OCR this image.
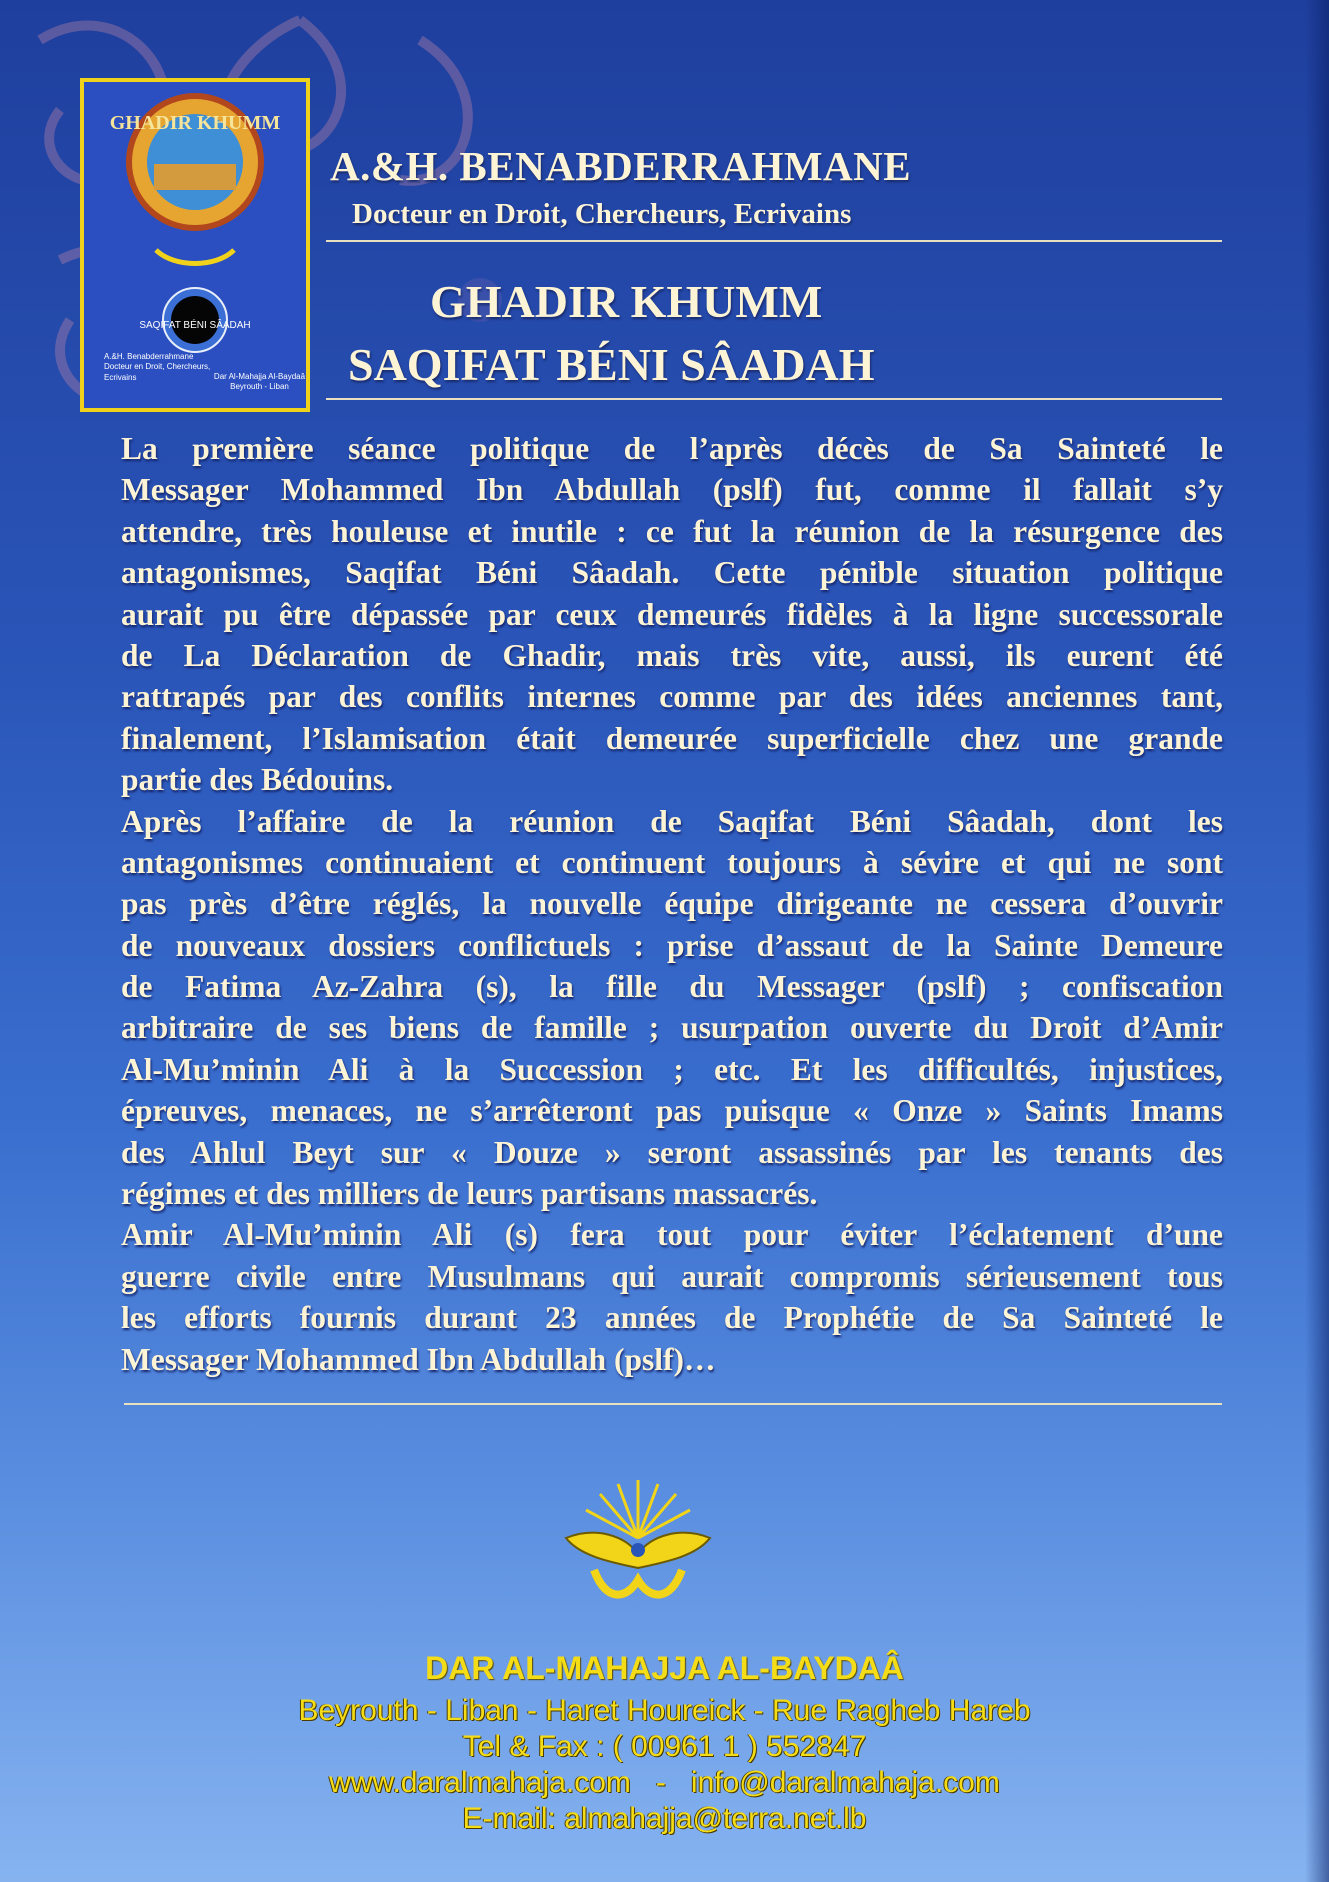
GHADIR KHUMM
SAQIFAT BÉNI SÂADAH
A.&H. Benabderrahmane Docteur en Droit, Chercheurs, Ecrivains	Dar Al-Mahajja Al-Baydaâ Beyrouth - Liban
A.&H. BENABDERRAHMANE
Docteur en Droit, Chercheurs, Ecrivains
GHADIR KHUMM
SAQIFAT BÉNI SÂADAH
La première séance politique de l’après décès de Sa Sainteté le
Messager Mohammed Ibn Abdullah (pslf) fut, comme il fallait s’y
attendre, très houleuse et inutile : ce fut la réunion de la résurgence des
antagonismes, Saqifat Béni Sâadah. Cette pénible situation politique
aurait pu être dépassée par ceux demeurés fidèles à la ligne successorale
de La Déclaration de Ghadir, mais très vite, aussi, ils eurent été
rattrapés par des conflits internes comme par des idées anciennes tant,
finalement, l’Islamisation était demeurée superficielle chez une grande
partie des Bédouins.
Après l’affaire de la réunion de Saqifat Béni Sâadah, dont les
antagonismes continuaient et continuent toujours à sévire et qui ne sont
pas près d’être réglés, la nouvelle équipe dirigeante ne cessera d’ouvrir
de nouveaux dossiers conflictuels : prise d’assaut de la Sainte Demeure
de Fatima Az-Zahra (s), la fille du Messager (pslf) ; confiscation
arbitraire de ses biens de famille ; usurpation ouverte du Droit d’Amir
Al-Mu’minin Ali à la Succession ; etc. Et les difficultés, injustices,
épreuves, menaces, ne s’arrêteront pas puisque « Onze » Saints Imams
des Ahlul Beyt sur « Douze » seront assassinés par les tenants des
régimes et des milliers de leurs partisans massacrés.
Amir Al-Mu’minin Ali (s) fera tout pour éviter l’éclatement d’une
guerre civile entre Musulmans qui aurait compromis sérieusement tous
les efforts fournis durant 23 années de Prophétie de Sa Sainteté le
Messager Mohammed Ibn Abdullah (pslf)…
DAR AL-MAHAJJA AL-BAYDAÂ
Beyrouth - Liban - Haret Houreick - Rue Ragheb Hareb
Tel & Fax : ( 00961 1 ) 552847
www.daralmahaja.com   -   info@daralmahaja.com
E-mail: almahajja@terra.net.lb
